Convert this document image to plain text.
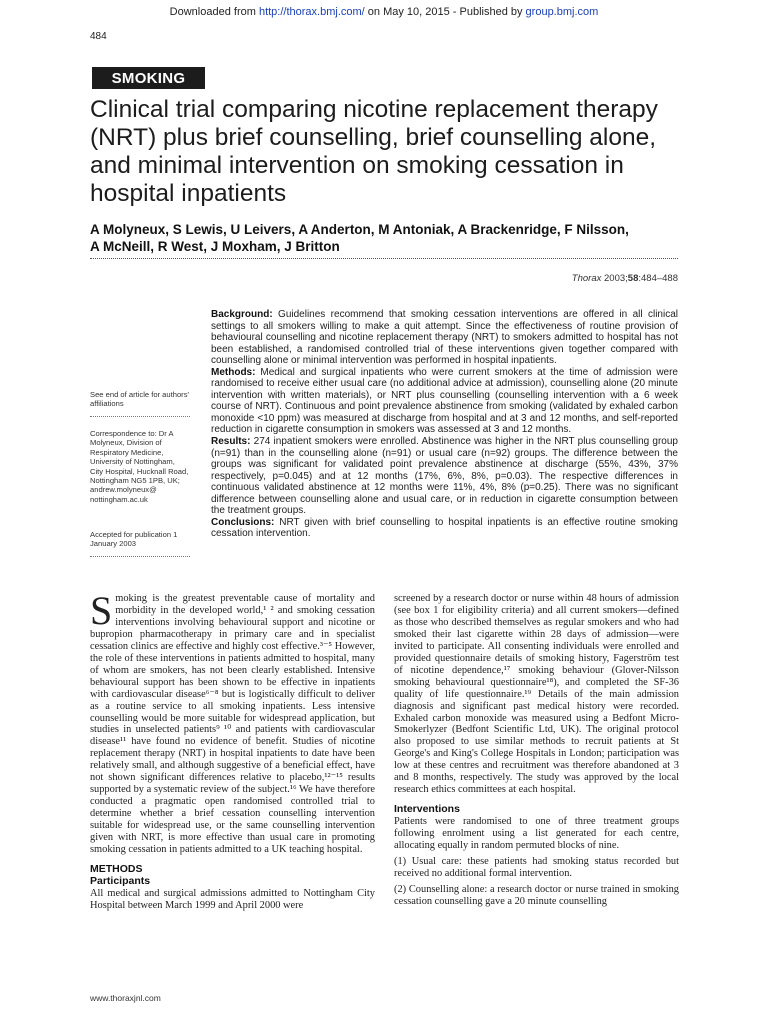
Downloaded from http://thorax.bmj.com/ on May 10, 2015 - Published by group.bmj.com
484
SMOKING
Clinical trial comparing nicotine replacement therapy (NRT) plus brief counselling, brief counselling alone, and minimal intervention on smoking cessation in hospital inpatients
A Molyneux, S Lewis, U Leivers, A Anderton, M Antoniak, A Brackenridge, F Nilsson,
A McNeill, R West, J Moxham, J Britton
Thorax 2003;58:484–488
See end of article for authors' affiliations
Correspondence to: Dr A Molyneux, Division of Respiratory Medicine, University of Nottingham, City Hospital, Hucknall Road, Nottingham NG5 1PB, UK; andrew.molyneux@ nottingham.ac.uk
Accepted for publication 1 January 2003
Background: Guidelines recommend that smoking cessation interventions are offered in all clinical settings to all smokers willing to make a quit attempt. Since the effectiveness of routine provision of behavioural counselling and nicotine replacement therapy (NRT) to smokers admitted to hospital has not been established, a randomised controlled trial of these interventions given together compared with counselling alone or minimal intervention was performed in hospital inpatients.
Methods: Medical and surgical inpatients who were current smokers at the time of admission were randomised to receive either usual care (no additional advice at admission), counselling alone (20 minute intervention with written materials), or NRT plus counselling (counselling intervention with a 6 week course of NRT). Continuous and point prevalence abstinence from smoking (validated by exhaled carbon monoxide <10 ppm) was measured at discharge from hospital and at 3 and 12 months, and self-reported reduction in cigarette consumption in smokers was assessed at 3 and 12 months.
Results: 274 inpatient smokers were enrolled. Abstinence was higher in the NRT plus counselling group (n=91) than in the counselling alone (n=91) or usual care (n=92) groups. The difference between the groups was significant for validated point prevalence abstinence at discharge (55%, 43%, 37% respectively, p=0.045) and at 12 months (17%, 6%, 8%, p=0.03). The respective differences in continuous validated abstinence at 12 months were 11%, 4%, 8% (p=0.25). There was no significant difference between counselling alone and usual care, or in reduction in cigarette consumption between the treatment groups.
Conclusions: NRT given with brief counselling to hospital inpatients is an effective routine smoking cessation intervention.

Smoking is the greatest preventable cause of mortality and morbidity in the developed world,¹ ² and smoking cessation interventions involving behavioural support and nicotine or bupropion pharmacotherapy in primary care and in specialist cessation clinics are effective and highly cost effective.³⁻⁵ However, the role of these interventions in patients admitted to hospital, many of whom are smokers, has not been clearly established. Intensive behavioural support has been shown to be effective in inpatients with cardiovascular disease⁶⁻⁸ but is logistically difficult to deliver as a routine service to all smoking inpatients. Less intensive counselling would be more suitable for widespread application, but studies in unselected patients⁹ ¹⁰ and patients with cardiovascular disease¹¹ have found no evidence of benefit. Studies of nicotine replacement therapy (NRT) in hospital inpatients to date have been relatively small, and although suggestive of a beneficial effect, have not shown significant differences relative to placebo,¹²⁻¹⁵ results supported by a systematic review of the subject.¹⁶ We have therefore conducted a pragmatic open randomised controlled trial to determine whether a brief cessation counselling intervention suitable for widespread use, or the same counselling intervention given with NRT, is more effective than usual care in promoting smoking cessation in patients admitted to a UK teaching hospital.

METHODS
Participants

All medical and surgical admissions admitted to Nottingham City Hospital between March 1999 and April 2000 were

screened by a research doctor or nurse within 48 hours of admission (see box 1 for eligibility criteria) and all current smokers—defined as those who described themselves as regular smokers and who had smoked their last cigarette within 28 days of admission—were invited to participate. All consenting individuals were enrolled and provided questionnaire details of smoking history, Fagerström test of nicotine dependence,¹⁷ smoking behaviour (Glover-Nilsson smoking behavioural questionnaire¹⁸), and completed the SF-36 quality of life questionnaire.¹⁹ Details of the main admission diagnosis and significant past medical history were recorded. Exhaled carbon monoxide was measured using a Bedfont Micro-Smokerlyzer (Bedfont Scientific Ltd, UK). The original protocol also proposed to use similar methods to recruit patients at St George's and King's College Hospitals in London; participation was low at these centres and recruitment was therefore abandoned at 3 and 8 months, respectively. The study was approved by the local research ethics committees at each hospital.

Interventions

Patients were randomised to one of three treatment groups following enrolment using a list generated for each centre, allocating equally in random permuted blocks of nine.

(1) Usual care: these patients had smoking status recorded but received no additional formal intervention.

(2) Counselling alone: a research doctor or nurse trained in smoking cessation counselling gave a 20 minute counselling

www.thoraxjnl.com
